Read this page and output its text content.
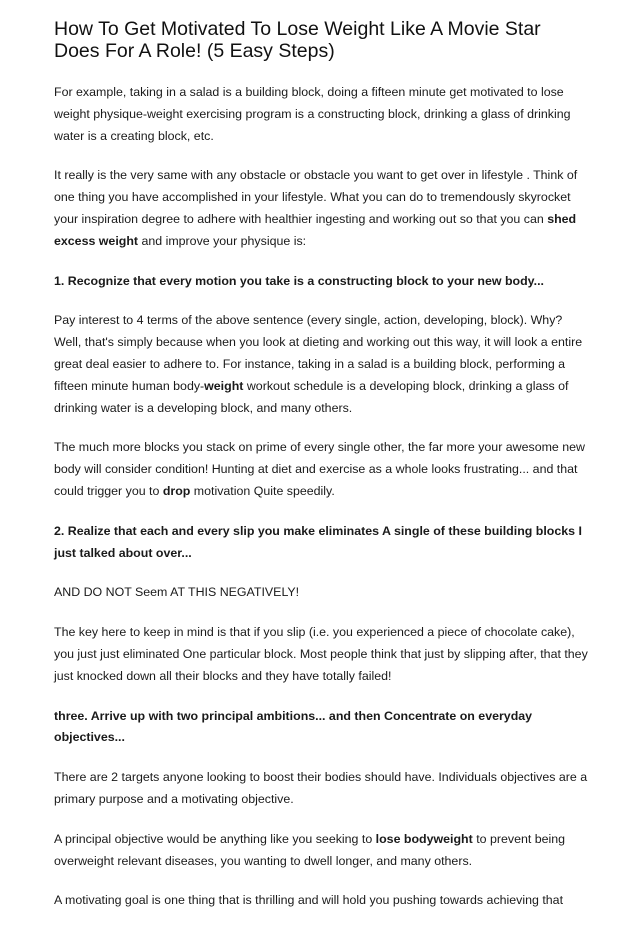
How To Get Motivated To Lose Weight Like A Movie Star Does For A Role! (5 Easy Steps)

For example, taking in a salad is a building block, doing a fifteen minute get motivated to lose weight physique-weight exercising program is a constructing block, drinking a glass of drinking water is a creating block, etc.

It really is the very same with any obstacle or obstacle you want to get over in lifestyle . Think of one thing you have accomplished in your lifestyle. What you can do to tremendously skyrocket your inspiration degree to adhere with healthier ingesting and working out so that you can shed excess weight and improve your physique is:

1. Recognize that every motion you take is a constructing block to your new body...

Pay interest to 4 terms of the above sentence (every single, action, developing, block). Why? Well, that's simply because when you look at dieting and working out this way, it will look a entire great deal easier to adhere to. For instance, taking in a salad is a building block, performing a fifteen minute human body-weight workout schedule is a developing block, drinking a glass of drinking water is a developing block, and many others.

The much more blocks you stack on prime of every single other, the far more your awesome new body will consider condition! Hunting at diet and exercise as a whole looks frustrating... and that could trigger you to drop motivation Quite speedily.

2. Realize that each and every slip you make eliminates A single of these building blocks I just talked about over...

AND DO NOT Seem AT THIS NEGATIVELY!

The key here to keep in mind is that if you slip (i.e. you experienced a piece of chocolate cake), you just just eliminated One particular block. Most people think that just by slipping after, that they just knocked down all their blocks and they have totally failed!

three. Arrive up with two principal ambitions... and then Concentrate on everyday objectives...

There are 2 targets anyone looking to boost their bodies should have. Individuals objectives are a primary purpose and a motivating objective.

A principal objective would be anything like you seeking to lose bodyweight to prevent being overweight relevant diseases, you wanting to dwell longer, and many others.

A motivating goal is one thing that is thrilling and will hold you pushing towards achieving that
